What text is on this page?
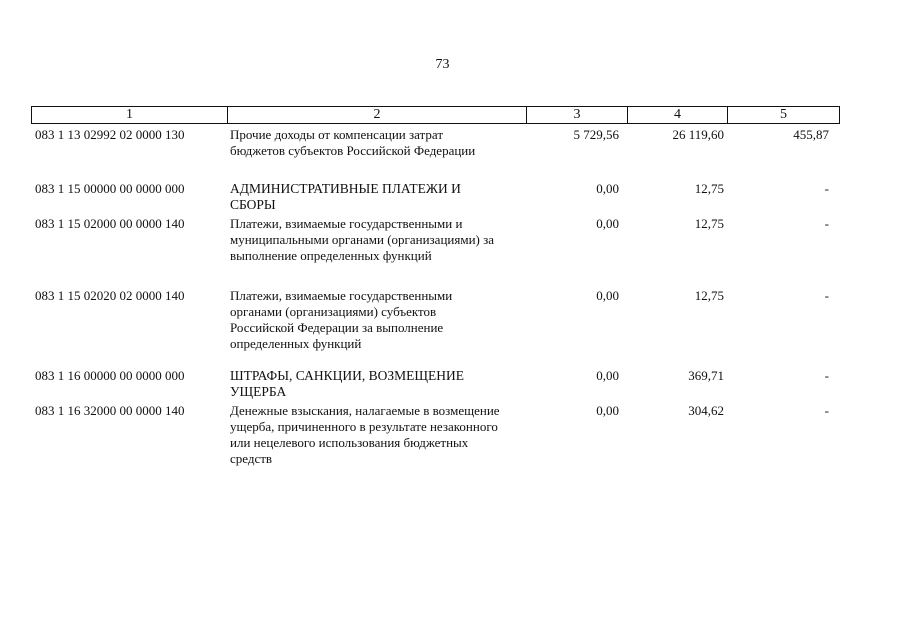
73
1	2	3	4	5
083 1 13 02992 02 0000 130	Прочие доходы от компенсации затрат
бюджетов субъектов Российской Федерации
5 729,56	26 119,60	455,87
083 1 15 00000 00 0000 000	АДМИНИСТРАТИВНЫЕ ПЛАТЕЖИ И
СБОРЫ
0,00	12,75	-
083 1 15 02000 00 0000 140	Платежи, взимаемые государственными и
муниципальными органами (организациями) за
выполнение определенных функций
0,00	12,75	-
083 1 15 02020 02 0000 140	Платежи, взимаемые государственными
органами (организациями) субъектов
Российской Федерации за выполнение
определенных функций
0,00	12,75	-
083 1 16 00000 00 0000 000	ШТРАФЫ, САНКЦИИ, ВОЗМЕЩЕНИЕ
УЩЕРБА
0,00	369,71	-
083 1 16 32000 00 0000 140	Денежные взыскания, налагаемые в возмещение
ущерба, причиненного в результате незаконного
или нецелевого использования бюджетных
средств
0,00	304,62	-
